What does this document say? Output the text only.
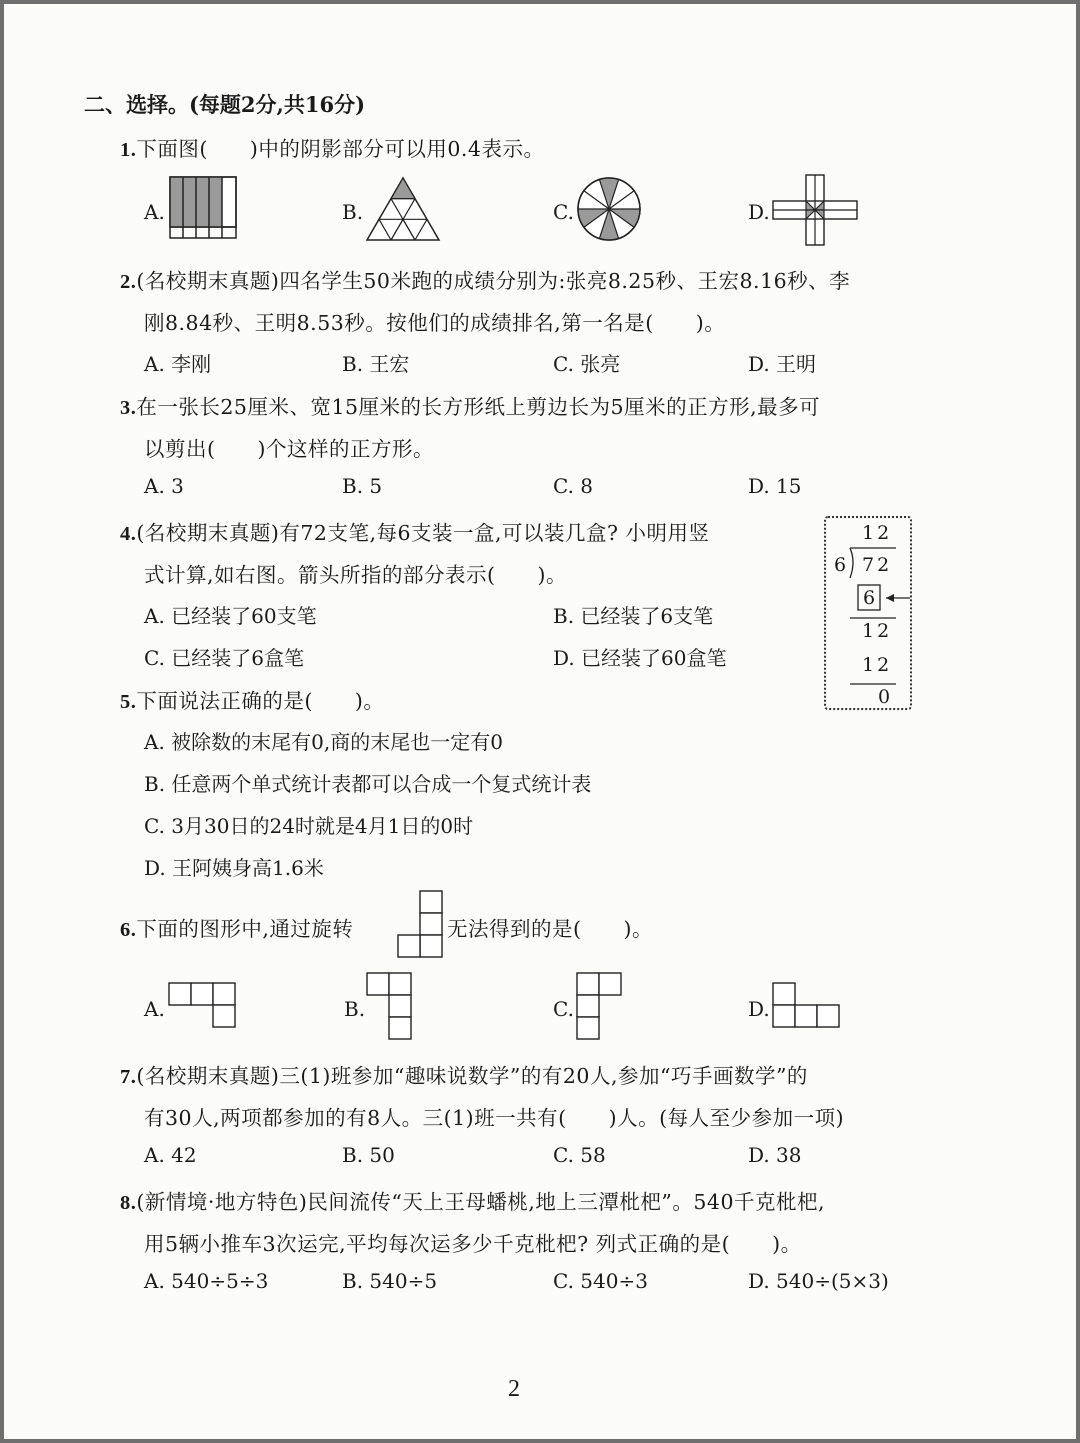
二、选择。(每题2分,共16分)
1.下面图(　　)中的阴影部分可以用0.4表示。
A.	B.	C.	D.
2.(名校期末真题)四名学生50米跑的成绩分别为:张亮8.25秒、王宏8.16秒、李
刚8.84秒、王明8.53秒。按他们的成绩排名,第一名是(　　)。
A. 李刚	B. 王宏	C. 张亮	D. 王明
3.在一张长25厘米、宽15厘米的长方形纸上剪边长为5厘米的正方形,最多可
以剪出(　　)个这样的正方形。
A. 3	B. 5	C. 8	D. 15
4.(名校期末真题)有72支笔,每6支装一盒,可以装几盒? 小明用竖
式计算,如右图。箭头所指的部分表示(　　)。
A. 已经装了60支笔	B. 已经装了6支笔
C. 已经装了6盒笔	D. 已经装了60盒笔
12
6 72
6
12
12
0
5.下面说法正确的是(　　)。
A. 被除数的末尾有0,商的末尾也一定有0
B. 任意两个单式统计表都可以合成一个复式统计表
C. 3月30日的24时就是4月1日的0时
D. 王阿姨身高1.6米
6.下面的图形中,通过旋转	无法得到的是(　　)。
A.	B.	C.	D.
7.(名校期末真题)三(1)班参加“趣味说数学”的有20人,参加“巧手画数学”的
有30人,两项都参加的有8人。三(1)班一共有(　　)人。(每人至少参加一项)
A. 42	B. 50	C. 58	D. 38
8.(新情境·地方特色)民间流传“天上王母蟠桃,地上三潭枇杷”。540千克枇杷,
用5辆小推车3次运完,平均每次运多少千克枇杷? 列式正确的是(　　)。
A. 540÷5÷3	B. 540÷5	C. 540÷3	D. 540÷(5×3)
2
